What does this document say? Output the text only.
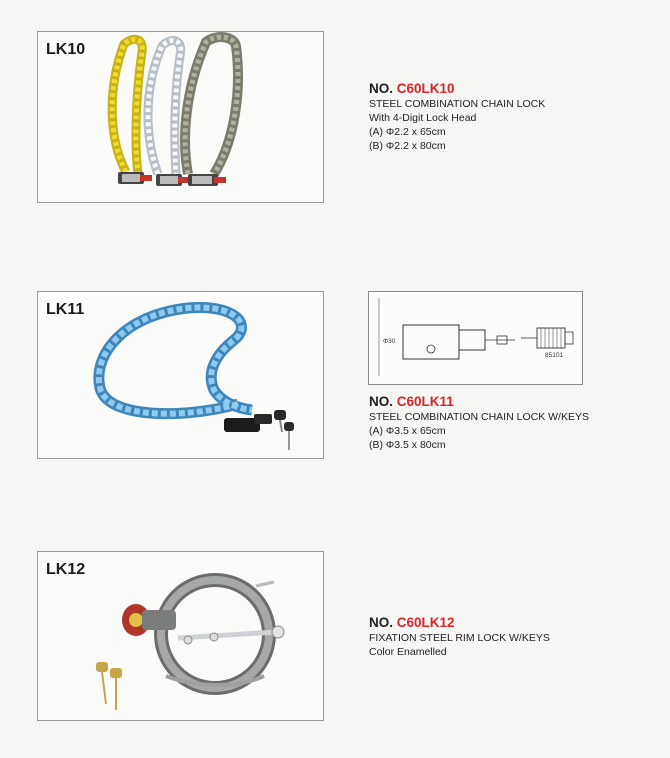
LK10
NO. C60LK10
STEEL COMBINATION CHAIN LOCK
With 4-Digit Lock Head
(A) Φ2.2 x 65cm
(B) Φ2.2 x 80cm
LK11
Φ30
85101
NO. C60LK11
STEEL COMBINATION CHAIN LOCK W/KEYS
(A) Φ3.5 x 65cm
(B) Φ3.5 x 80cm
LK12
NO. C60LK12
FIXATION STEEL RIM LOCK W/KEYS
Color Enamelled
